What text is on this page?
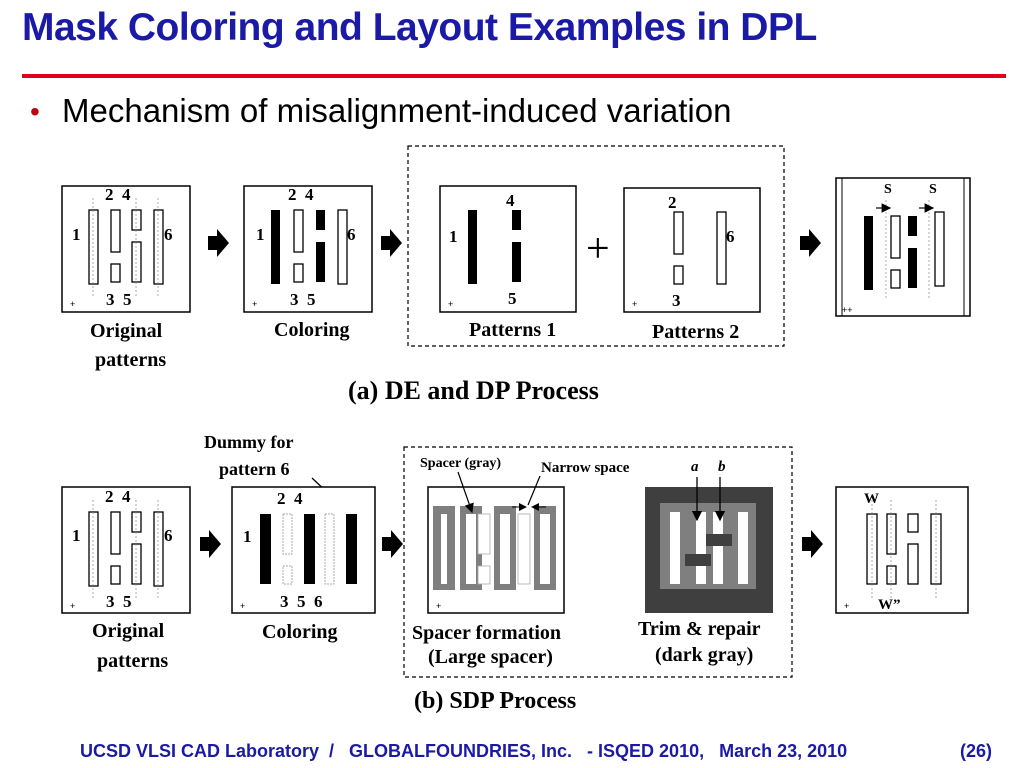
Mask Coloring and Layout Examples in DPL
• Mechanism of misalignment-induced variation
+
2  4
1	6
3  5
Original
patterns
+
2  4
1	6
3  5
Coloring
+
4
1
5
Patterns 1
+
+
2
6
3
Patterns 2
++
S	S
(a) DE and DP Process
+
2  4
1	6
3  5
Original
patterns
Dummy for
pattern 6
+
2  4
1
3  5  6
Coloring
+
Spacer (gray)	Narrow space
Spacer formation
(Large spacer)
a b
Trim & repair
(dark gray)
+
W
W”
(b) SDP Process
UCSD VLSI CAD Laboratory  /   GLOBALFOUNDRIES, Inc.   - ISQED 2010,   March 23, 2010	(26)
